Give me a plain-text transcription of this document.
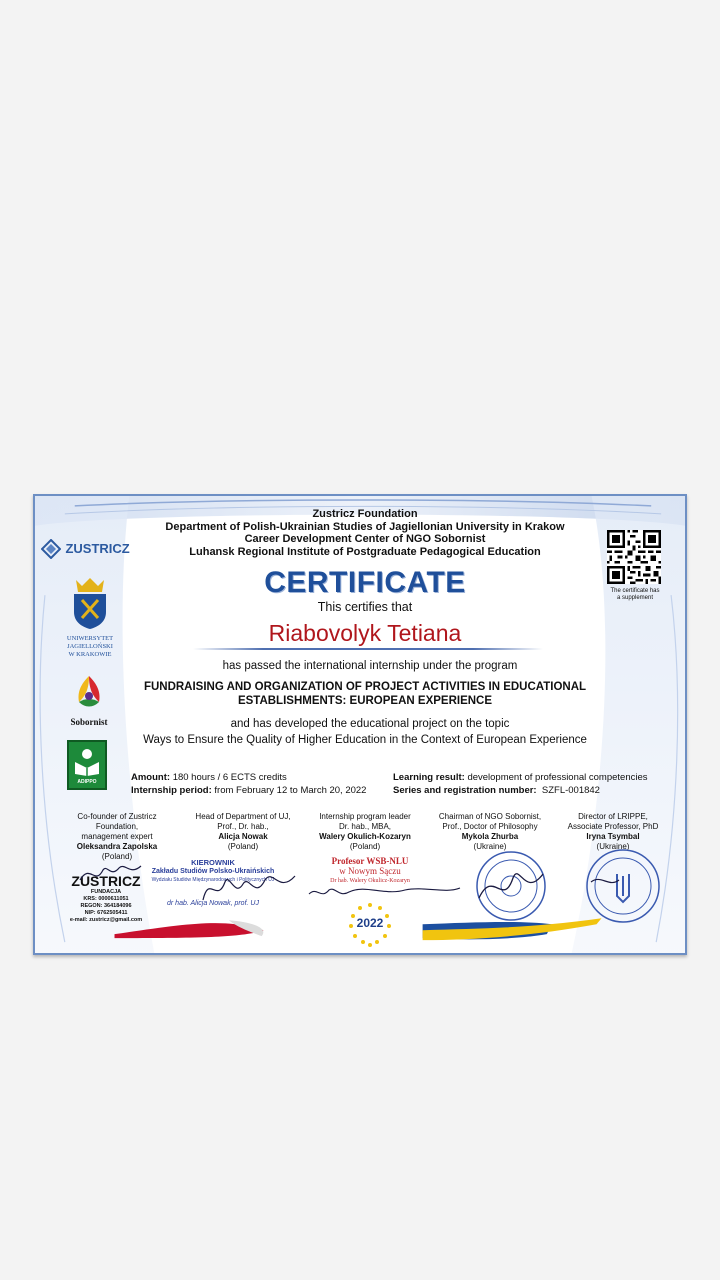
Zustricz Foundation
Department of Polish-Ukrainian Studies of Jagiellonian University in Krakow
Career Development Center of NGO Sobornist
Luhansk Regional Institute of Postgraduate Pedagogical Education
ZUSTRICZ
UNIWERSYTET
JAGIELLOŃSKI
W KRAKOWIE
Sobornist
ADIPPO
The certificate has
a supplement
CERTIFICATE
This certifies that
Riabovolyk Tetiana
has passed the international internship under the program
FUNDRAISING AND ORGANIZATION OF PROJECT ACTIVITIES IN EDUCATIONAL
ESTABLISHMENTS: EUROPEAN EXPERIENCE
and has developed the educational project on the topic
Ways to Ensure the Quality of Higher Education in the Context of European Experience
Amount: 180 hours / 6 ECTS credits
Internship period: from February 12 to March 20, 2022
Learning result: development of professional competencies
Series and registration number: SZFL-001842
Co-founder of Zustricz Foundation,
management expert
Oleksandra Zapolska
(Poland)
Head of Department of UJ,
Prof., Dr. hab.,
Alicja Nowak
(Poland)
Internship program leader
Dr. hab., MBA,
Walery Okulich-Kozaryn
(Poland)
Chairman of NGO Sobornist,
Prof., Doctor of Philosophy
Mykola Zhurba
(Ukraine)
Director of LRIPPE,
Associate Professor, PhD
Iryna Tsymbal
(Ukraine)
ZUSTRICZ
FUNDACJA
KRS: 0000611051
REGON: 364184096
NIP: 6762505411
e-mail: zustricz@gmail.com
KIEROWNIK
Zakładu Studiów Polsko-Ukraińskich
Wydziału Studiów Międzynarodowych i Politycznych UJ
dr hab. Alicja Nowak, prof. UJ
Profesor WSB-NLU
w Nowym Sączu
Dr hab. Walery Okulicz-Kozaryn
2022
